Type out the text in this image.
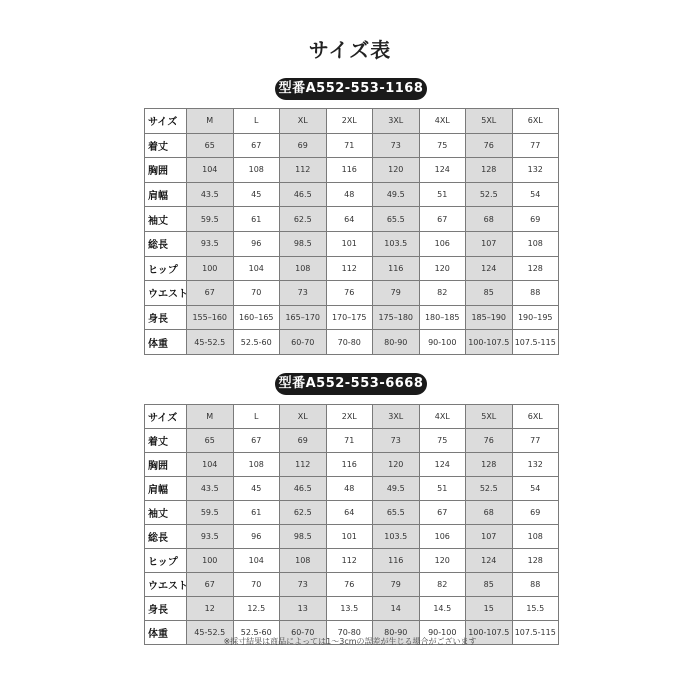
サイズ表
型番A552-553-1168
サイズ	M	L	XL	2XL	3XL	4XL	5XL	6XL
着丈	65	67	69	71	73	75	76	77
胸囲	104	108	112	116	120	124	128	132
肩幅	43.5	45	46.5	48	49.5	51	52.5	54
袖丈	59.5	61	62.5	64	65.5	67	68	69
総長	93.5	96	98.5	101	103.5	106	107	108
ヒップ	100	104	108	112	116	120	124	128
ウエスト	67	70	73	76	79	82	85	88
身長	155–160	160–165	165–170	170–175	175–180	180–185	185–190	190–195
体重	45-52.5	52.5-60	60-70	70-80	80-90	90-100	100-107.5	107.5-115
型番A552-553-6668
サイズ	M	L	XL	2XL	3XL	4XL	5XL	6XL
着丈	65	67	69	71	73	75	76	77
胸囲	104	108	112	116	120	124	128	132
肩幅	43.5	45	46.5	48	49.5	51	52.5	54
袖丈	59.5	61	62.5	64	65.5	67	68	69
総長	93.5	96	98.5	101	103.5	106	107	108
ヒップ	100	104	108	112	116	120	124	128
ウエスト	67	70	73	76	79	82	85	88
身長	12	12.5	13	13.5	14	14.5	15	15.5
体重	45-52.5	52.5-60	60-70	70-80	80-90	90-100	100-107.5	107.5-115
※採寸結果は商品によっては1〜3cmの誤差が生じる場合がございます
